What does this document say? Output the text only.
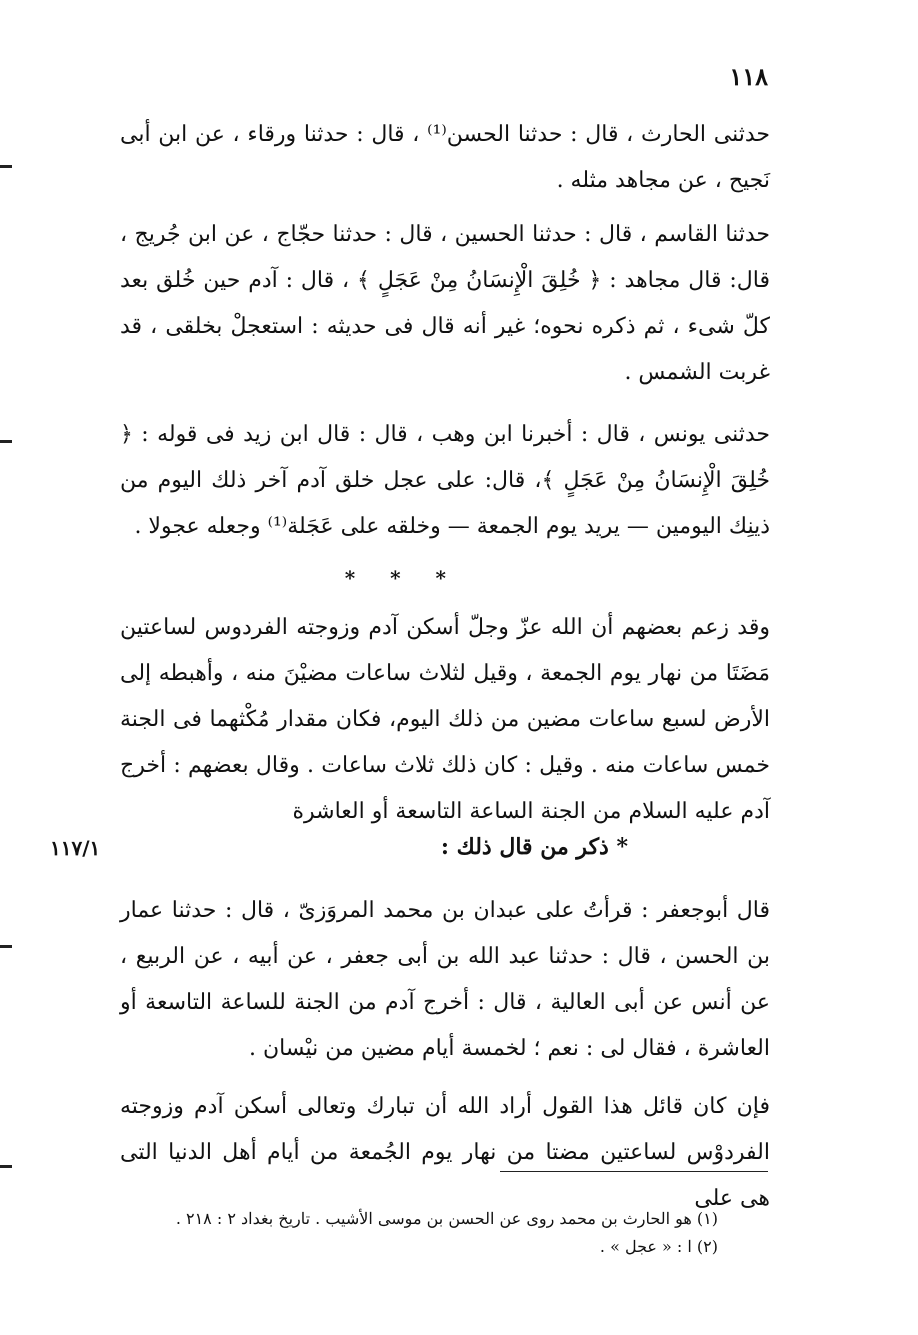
١١٨

حدثنى الحارث ، قال : حدثنا الحسن⁽¹⁾ ، قال : حدثنا ورقاء ، عن ابن أبى نَجيح ، عن مجاهد مثله .

حدثنا القاسم ، قال : حدثنا الحسين ، قال : حدثنا حجّاج ، عن ابن جُريج ، قال: قال مجاهد : ﴿ خُلِقَ الْإِنسَانُ مِنْ عَجَلٍ ﴾ ، قال : آدم حين خُلق بعد كلّ شىء ، ثم ذكره نحوه؛ غير أنه قال فى حديثه : استعجلْ بخلقى ، قد غربت الشمس .

حدثنى يونس ، قال : أخبرنا ابن وهب ، قال : قال ابن زيد فى قوله : ﴿ خُلِقَ الْإِنسَانُ مِنْ عَجَلٍ ﴾، قال: على عجل خلق آدم آخر ذلك اليوم من ذينِك اليومين — يريد يوم الجمعة — وخلقه على عَجَلة⁽¹⁾ وجعله عجولا .

* * *

وقد زعم بعضهم أن الله عزّ وجلّ أسكن آدم وزوجته الفردوس لساعتين مَضَتَا من نهار يوم الجمعة ، وقيل لثلاث ساعات مضيْنَ منه ، وأهبطه إلى الأرض لسبع ساعات مضين من ذلك اليوم، فكان مقدار مُكْثهما فى الجنة خمس ساعات منه . وقيل : كان ذلك ثلاث ساعات . وقال بعضهم : أخرج آدم عليه السلام من الجنة الساعة التاسعة أو العاشرة

* ذكر من قال ذلك :
١١٧/١

قال أبوجعفر : قرأتُ على عبدان بن محمد المروَزىّ ، قال : حدثنا عمار بن الحسن ، قال : حدثنا عبد الله بن أبى جعفر ، عن أبيه ، عن الربيع ، عن أنس عن أبى العالية ، قال : أخرج آدم من الجنة للساعة التاسعة أو العاشرة ، فقال لى : نعم ؛ لخمسة أيام مضين من نيْسان .

فإن كان قائل هذا القول أراد الله أن تبارك وتعالى أسكن آدم وزوجته الفردوْس لساعتين مضتا من نهار يوم الجُمعة من أيام أهل الدنيا التى هى على

(١) هو الحارث بن محمد روى عن الحسن بن موسى الأشيب . تاريخ بغداد ٢ : ٢١٨ .
(٢) ا : « عجل » .
